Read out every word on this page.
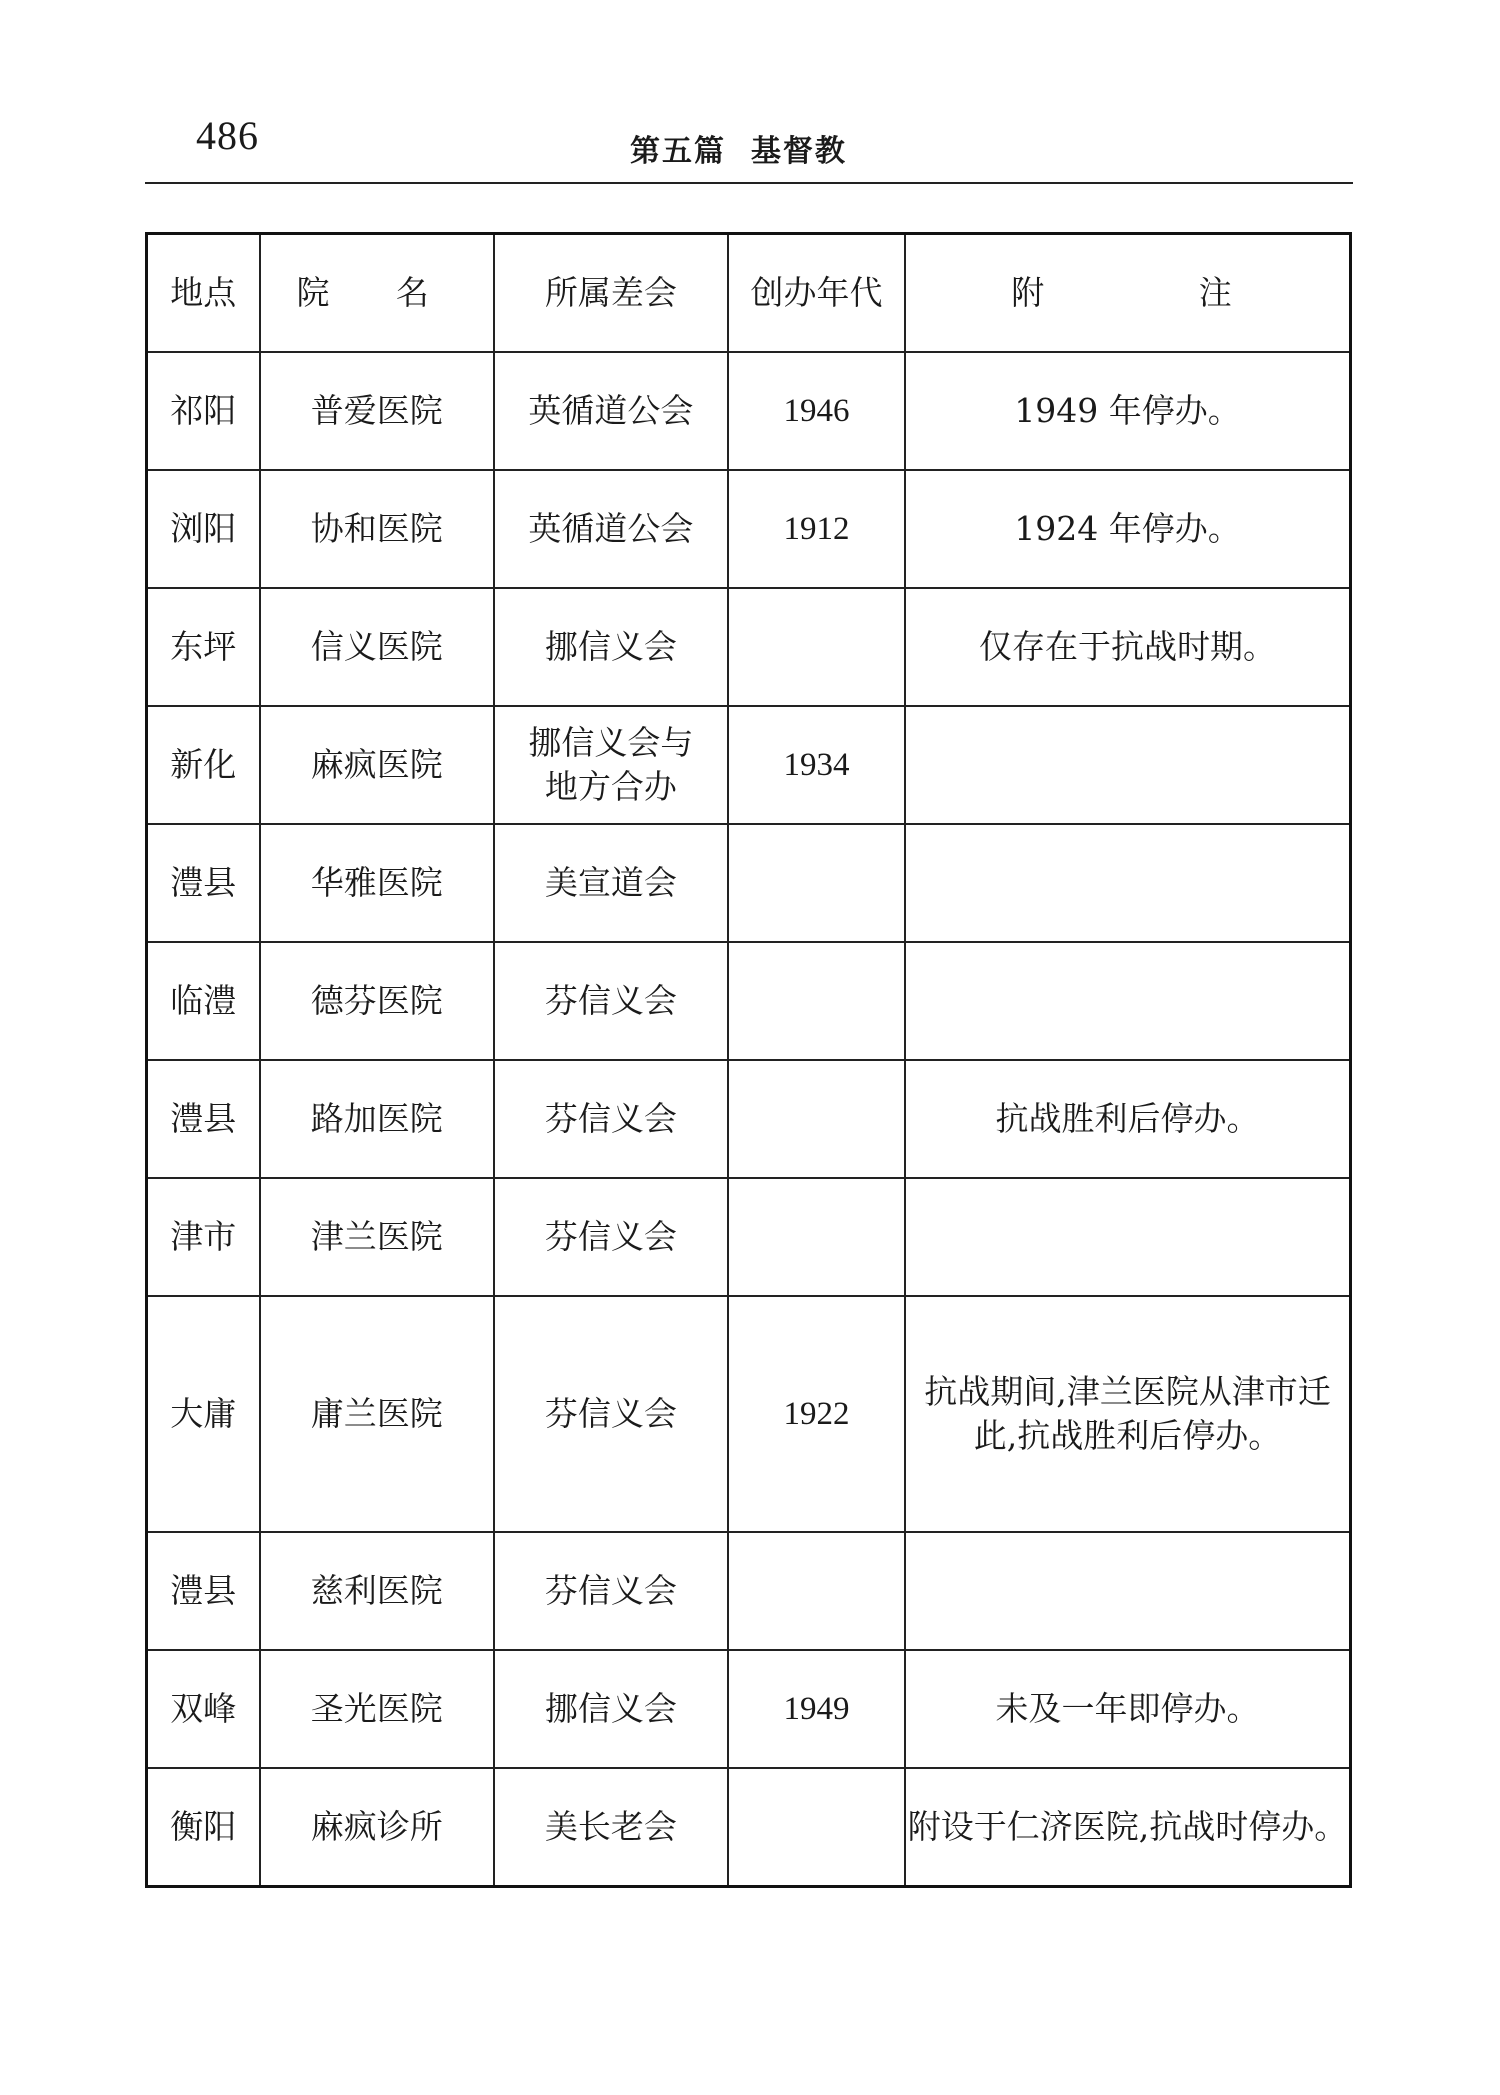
486	第五篇  基督教
地点	院 名	所属差会	创办年代	附 注
祁阳	普爱医院	英循道公会	1946	1949 年停办。
浏阳	协和医院	英循道公会	1912	1924 年停办。
东坪	信义医院	挪信义会		仅存在于抗战时期。
新化	麻疯医院	挪信义会与地方合办	1934	
澧县	华雅医院	美宣道会		
临澧	德芬医院	芬信义会		
澧县	路加医院	芬信义会		抗战胜利后停办。
津市	津兰医院	芬信义会		
大庸	庸兰医院	芬信义会	1922	抗战期间,津兰医院从津市迁此,抗战胜利后停办。
澧县	慈利医院	芬信义会		
双峰	圣光医院	挪信义会	1949	未及一年即停办。
衡阳	麻疯诊所	美长老会		附设于仁济医院,抗战时停办。
